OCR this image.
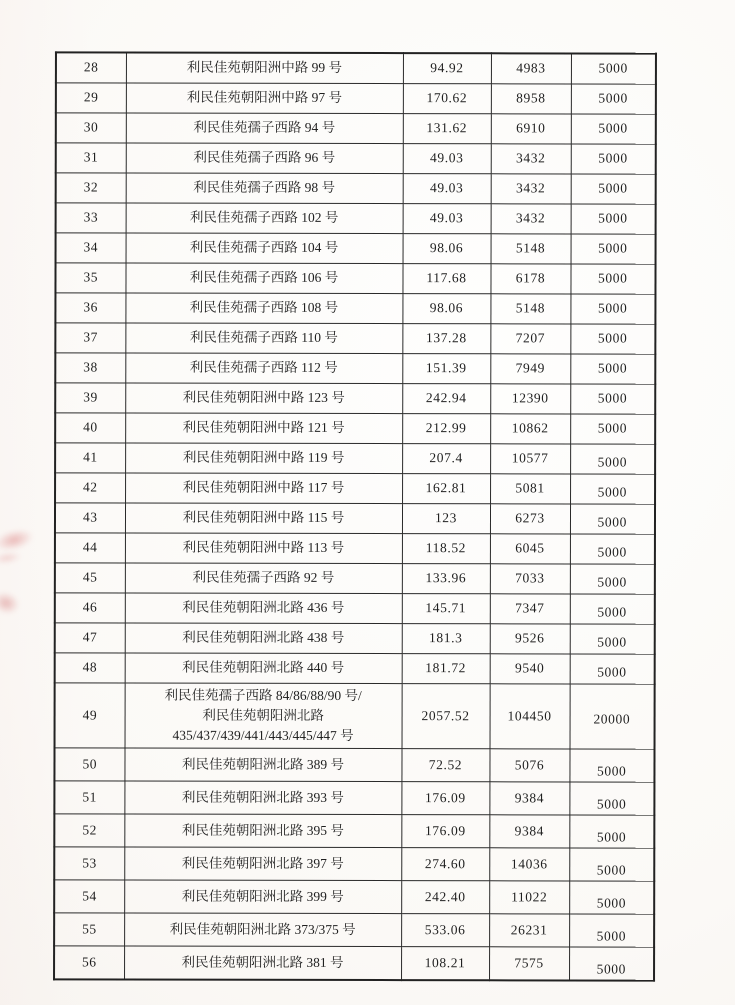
28	利民佳苑朝阳洲中路 99 号	94.92	4983	5000
29	利民佳苑朝阳洲中路 97 号	170.62	8958	5000
30	利民佳苑孺子西路 94 号	131.62	6910	5000
31	利民佳苑孺子西路 96 号	49.03	3432	5000
32	利民佳苑孺子西路 98 号	49.03	3432	5000
33	利民佳苑孺子西路 102 号	49.03	3432	5000
34	利民佳苑孺子西路 104 号	98.06	5148	5000
35	利民佳苑孺子西路 106 号	117.68	6178	5000
36	利民佳苑孺子西路 108 号	98.06	5148	5000
37	利民佳苑孺子西路 110 号	137.28	7207	5000
38	利民佳苑孺子西路 112 号	151.39	7949	5000
39	利民佳苑朝阳洲中路 123 号	242.94	12390	5000
40	利民佳苑朝阳洲中路 121 号	212.99	10862	5000
41	利民佳苑朝阳洲中路 119 号	207.4	10577	5000
42	利民佳苑朝阳洲中路 117 号	162.81	5081	5000
43	利民佳苑朝阳洲中路 115 号	123	6273	5000
44	利民佳苑朝阳洲中路 113 号	118.52	6045	5000
45	利民佳苑孺子西路 92 号	133.96	7033	5000
46	利民佳苑朝阳洲北路 436 号	145.71	7347	5000
47	利民佳苑朝阳洲北路 438 号	181.3	9526	5000
48	利民佳苑朝阳洲北路 440 号	181.72	9540	5000
49	利民佳苑孺子西路 84/86/88/90 号/
利民佳苑朝阳洲北路
435/437/439/441/443/445/447 号	2057.52	104450	20000
50	利民佳苑朝阳洲北路 389 号	72.52	5076	5000
51	利民佳苑朝阳洲北路 393 号	176.09	9384	5000
52	利民佳苑朝阳洲北路 395 号	176.09	9384	5000
53	利民佳苑朝阳洲北路 397 号	274.60	14036	5000
54	利民佳苑朝阳洲北路 399 号	242.40	11022	5000
55	利民佳苑朝阳洲北路 373/375 号	533.06	26231	5000
56	利民佳苑朝阳洲北路 381 号	108.21	7575	5000
